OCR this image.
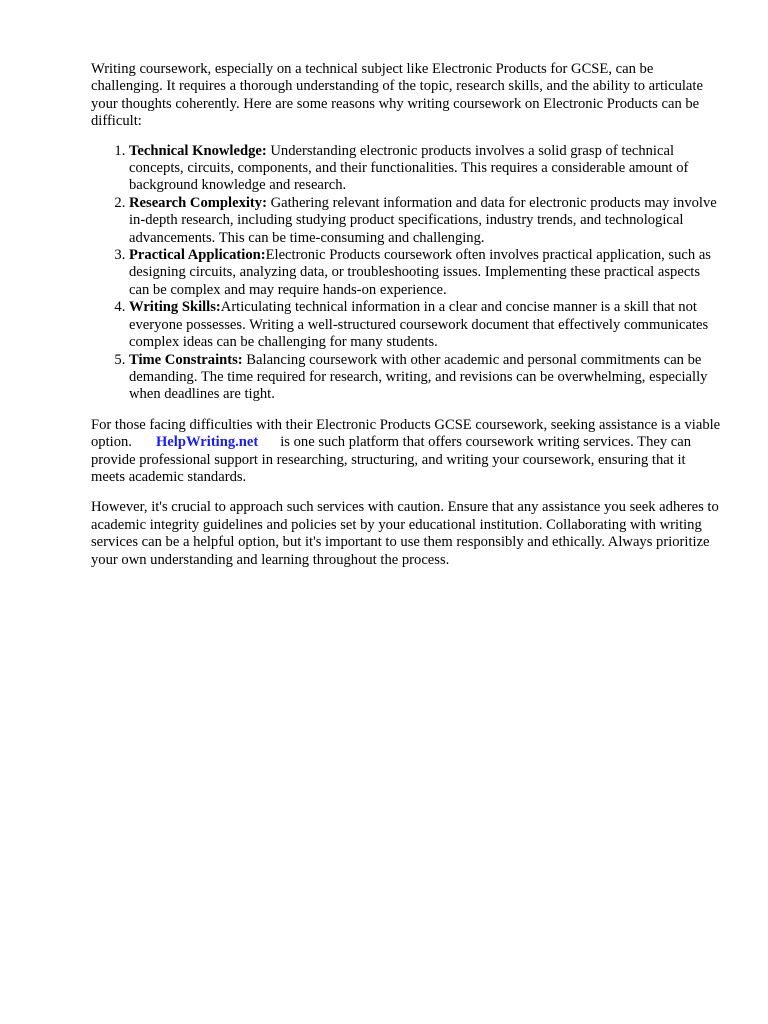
Writing coursework, especially on a technical subject like Electronic Products for GCSE, can be challenging. It requires a thorough understanding of the topic, research skills, and the ability to articulate your thoughts coherently. Here are some reasons why writing coursework on Electronic Products can be difficult:

1. Technical Knowledge: Understanding electronic products involves a solid grasp of technical concepts, circuits, components, and their functionalities. This requires a considerable amount of background knowledge and research.
2. Research Complexity: Gathering relevant information and data for electronic products may involve in-depth research, including studying product specifications, industry trends, and technological advancements. This can be time-consuming and challenging.
3. Practical Application:Electronic Products coursework often involves practical application, such as designing circuits, analyzing data, or troubleshooting issues. Implementing these practical aspects can be complex and may require hands-on experience.
4. Writing Skills:Articulating technical information in a clear and concise manner is a skill that not everyone possesses. Writing a well-structured coursework document that effectively communicates complex ideas can be challenging for many students.
5. Time Constraints: Balancing coursework with other academic and personal commitments can be demanding. The time required for research, writing, and revisions can be overwhelming, especially when deadlines are tight.

For those facing difficulties with their Electronic Products GCSE coursework, seeking assistance is a viable option. HelpWriting.net is one such platform that offers coursework writing services. They can provide professional support in researching, structuring, and writing your coursework, ensuring that it meets academic standards.

However, it's crucial to approach such services with caution. Ensure that any assistance you seek adheres to academic integrity guidelines and policies set by your educational institution. Collaborating with writing services can be a helpful option, but it's important to use them responsibly and ethically. Always prioritize your own understanding and learning throughout the process.
